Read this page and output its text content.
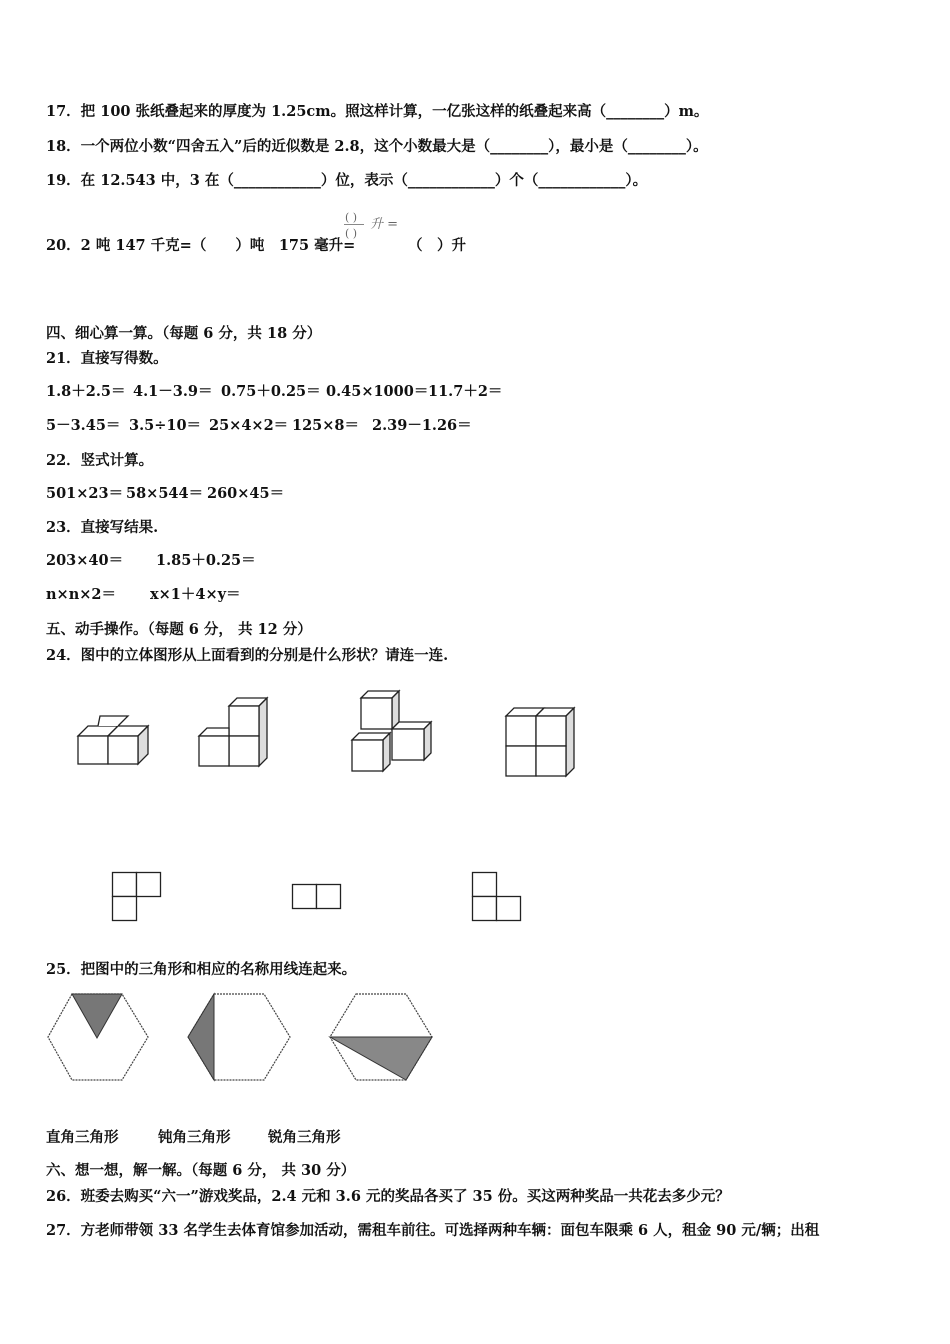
17．把 100 张纸叠起来的厚度为 1.25cm。照这样计算，一亿张这样的纸叠起来高（________）m。
18．一个两位小数“四舍五入”后的近似数是 2.8，这个小数最大是（________），最小是（________）。
19．在 12.543 中，3 在（____________）位，表示（____________）个（____________）。
20．2 吨 147 千克=（　　）吨　175 毫升=
( )
( )
升 =
（　）升
四、细心算一算。（每题 6 分，共 18 分）
21．直接写得数。
1.8＋2.5＝ 4.1－3.9＝ 0.75＋0.25＝ 0.45×1000＝ 11.7＋2＝
5－3.45＝ 3.5÷10＝ 25×4×2＝ 125×8＝ 2.39－1.26＝
22．竖式计算。
501×23＝ 58×544＝ 260×45＝
23．直接写结果.
203×40＝ 1.85＋0.25＝
n×n×2＝ x×1＋4×y＝
五、动手操作。（每题 6 分， 共 12 分）
24．图中的立体图形从上面看到的分别是什么形状？请连一连.
25．把图中的三角形和相应的名称用线连起来。
直角三角形	钝角三角形	锐角三角形
六、想一想，解一解。（每题 6 分， 共 30 分）
26．班委去购买“六一”游戏奖品，2.4 元和 3.6 元的奖品各买了 35 份。买这两种奖品一共花去多少元？
27．方老师带领 33 名学生去体育馆参加活动，需租车前往。可选择两种车辆：面包车限乘 6 人，租金 90 元/辆；出租
